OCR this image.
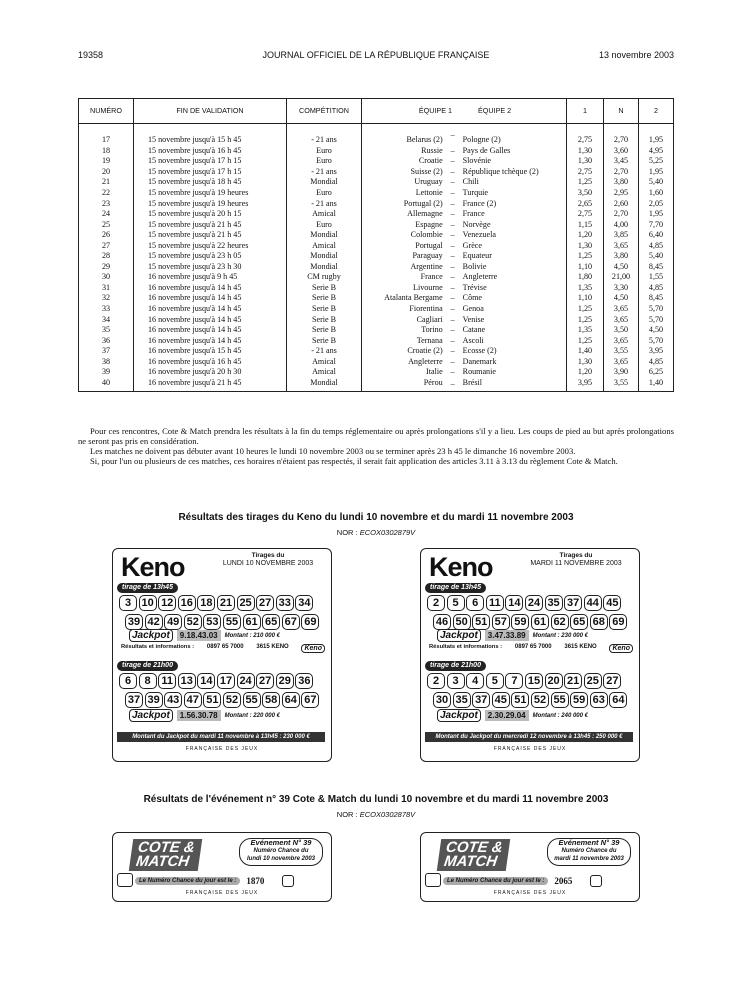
19358	JOURNAL OFFICIEL DE LA RÉPUBLIQUE FRANÇAISE	13 novembre 2003
NUMÉRO	FIN DE VALIDATION	COMPÉTITION	ÉQUIPE 1 ÉQUIPE 2			1	N	2
17	15 novembre jusqu'à 15 h 45	- 21 ans	Belarus (2)	–	Pologne (2)	2,75	2,70	1,95
18	15 novembre jusqu'à 16 h 45	Euro	Russie	–	Pays de Galles	1,30	3,60	4,95
19	15 novembre jusqu'à 17 h 15	Euro	Croatie	–	Slovénie	1,30	3,45	5,25
20	15 novembre jusqu'à 17 h 15	- 21 ans	Suisse (2)	–	République tchèque (2)	2,75	2,70	1,95
21	15 novembre jusqu'à 18 h 45	Mondial	Uruguay	–	Chili	1,25	3,80	5,40
22	15 novembre jusqu'à 19 heures	Euro	Lettonie	–	Turquie	3,50	2,95	1,60
23	15 novembre jusqu'à 19 heures	- 21 ans	Portugal (2)	–	France (2)	2,65	2,60	2,05
24	15 novembre jusqu'à 20 h 15	Amical	Allemagne	–	France	2,75	2,70	1,95
25	15 novembre jusqu'à 21 h 45	Euro	Espagne	–	Norvège	1,15	4,00	7,70
26	15 novembre jusqu'à 21 h 45	Mondial	Colombie	–	Venezuela	1,20	3,85	6,40
27	15 novembre jusqu'à 22 heures	Amical	Portugal	–	Grèce	1,30	3,65	4,85
28	15 novembre jusqu'à 23 h 05	Mondial	Paraguay	–	Equateur	1,25	3,80	5,40
29	15 novembre jusqu'à 23 h 30	Mondial	Argentine	–	Bolivie	1,10	4,50	8,45
30	16 novembre jusqu'à 9 h 45	CM rugby	France	–	Angleterre	1,80	21,00	1,55
31	16 novembre jusqu'à 14 h 45	Serie B	Livourne	–	Trévise	1,35	3,30	4,85
32	16 novembre jusqu'à 14 h 45	Serie B	Atalanta Bergame	–	Côme	1,10	4,50	8,45
33	16 novembre jusqu'à 14 h 45	Serie B	Fiorentina	–	Genoa	1,25	3,65	5,70
34	16 novembre jusqu'à 14 h 45	Serie B	Cagliari	–	Venise	1,25	3,65	5,70
35	16 novembre jusqu'à 14 h 45	Serie B	Torino	–	Catane	1,35	3,50	4,50
36	16 novembre jusqu'à 14 h 45	Serie B	Ternana	–	Ascoli	1,25	3,65	5,70
37	16 novembre jusqu'à 15 h 45	- 21 ans	Croatie (2)	–	Ecosse (2)	1,40	3,55	3,95
38	16 novembre jusqu'à 16 h 45	Amical	Angleterre	–	Danemark	1,30	3,65	4,85
39	16 novembre jusqu'à 20 h 30	Amical	Italie	–	Roumanie	1,20	3,90	6,25
40	16 novembre jusqu'à 21 h 45	Mondial	Pérou	–	Brésil	3,95	3,55	1,40

Pour ces rencontres, Cote & Match prendra les résultats à la fin du temps réglementaire ou après prolongations s'il y a lieu. Les coups de pied au but après prolongations ne seront pas pris en considération.

Les matches ne doivent pas débuter avant 10 heures le lundi 10 novembre 2003 ou se terminer après 23 h 45 le dimanche 16 novembre 2003.

Si, pour l'un ou plusieurs de ces matches, ces horaires n'étaient pas respectés, il serait fait application des articles 3.11 à 3.13 du règlement Cote & Match.

Résultats des tirages du Keno du lundi 10 novembre et du mardi 11 novembre 2003
NOR : ECOX0302879V
Keno	Tirages du
LUNDI 10 NOVEMBRE 2003
tirage de 13h45
3 10 12 16 18 21 25 27 33 34
39 42 49 52 53 55 61 65 67 69
Jackpot	9.18.43.03	Montant : 210 000 €
Résultats et informations : 0897 65 7000 3615 KENO	Keno
tirage de 21h00
6	8 11 13 14 17 24 27 29 36
37 39 43 47 51 52 55 58 64 67
Jackpot	1.56.30.78	Montant : 220 000 €
Montant du Jackpot du mardi 11 novembre à 13h45 : 230 000 €
FRANÇAISE DES JEUX
Keno	Tirages du
MARDI 11 NOVEMBRE 2003
tirage de 13h45
2	5	6 11 14 24 35 37 44 45
46 50 51 57 59 61 62 65 68 69
Jackpot	3.47.33.89	Montant : 230 000 €
Résultats et informations : 0897 65 7000 3615 KENO	Keno
tirage de 21h00
2	3	4	5	7 15 20 21 25 27
30 35 37 45 51 52 55 59 63 64
Jackpot	2.30.29.04	Montant : 240 000 €
Montant du Jackpot du mercredi 12 novembre à 13h45 : 250 000 €
FRANÇAISE DES JEUX
Résultats de l'événement n° 39 Cote & Match du lundi 10 novembre et du mardi 11 novembre 2003
NOR : ECOX0302878V
COTE &
MATCH
Evénement N° 39
Numéro Chance du
lundi 10 novembre 2003
Le Numéro Chance du jour est le :	1870
FRANÇAISE DES JEUX
COTE &
MATCH
Evénement N° 39
Numéro Chance du
mardi 11 novembre 2003
Le Numéro Chance du jour est le :	2065
FRANÇAISE DES JEUX
